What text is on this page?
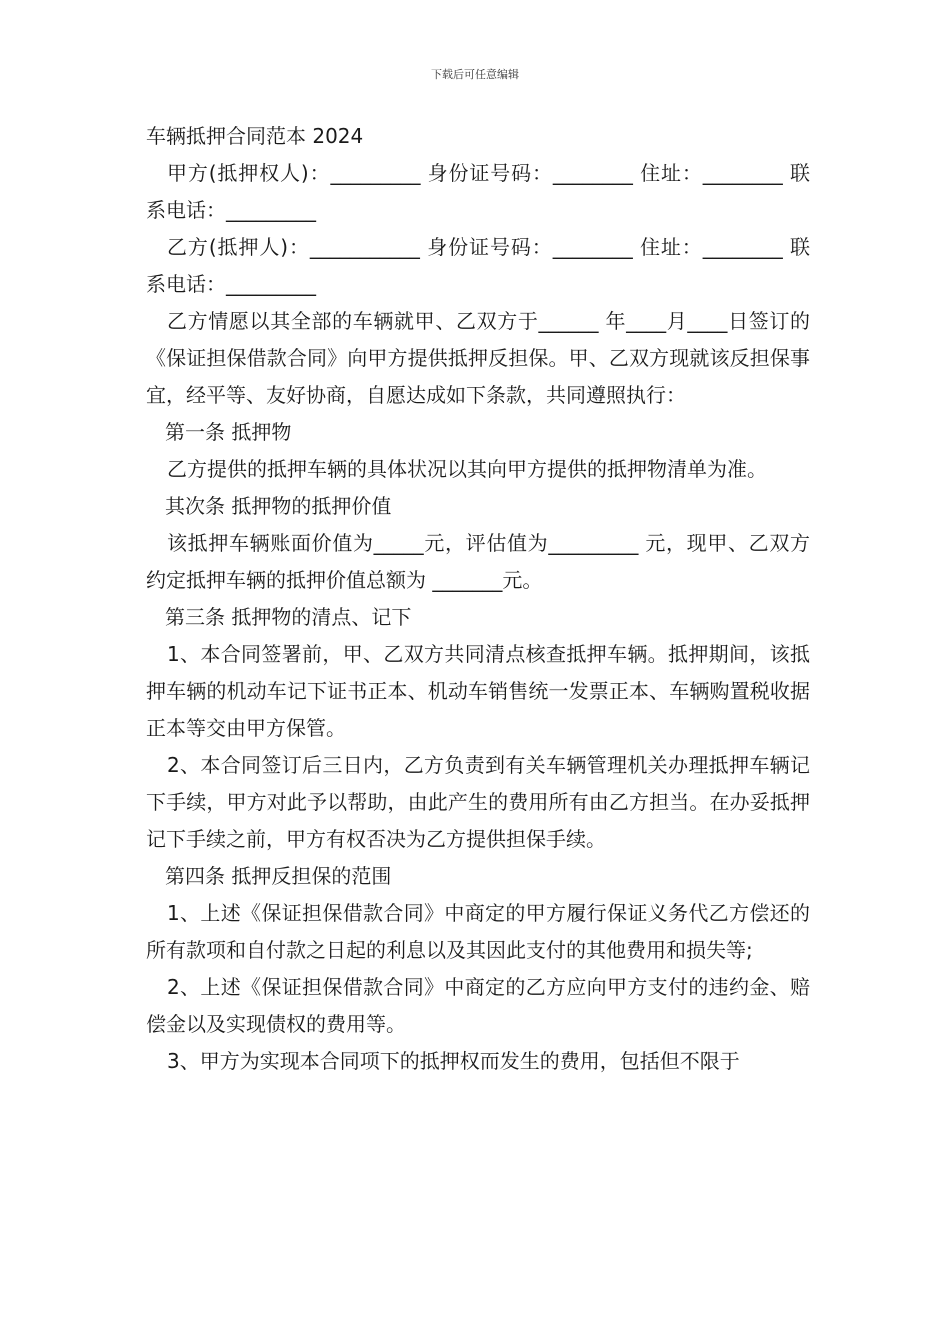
下载后可任意编辑

车辆抵押合同范本 2024

甲方(抵押权人)：_________ 身份证号码：________ 住址：________ 联系电话：_________

乙方(抵押人)：___________ 身份证号码：________ 住址：________ 联系电话：_________

乙方情愿以其全部的车辆就甲、乙双方于______ 年____月____日签订的《保证担保借款合同》向甲方提供抵押反担保。甲、乙双方现就该反担保事宜，经平等、友好协商，自愿达成如下条款，共同遵照执行：

第一条 抵押物

乙方提供的抵押车辆的具体状况以其向甲方提供的抵押物清单为准。

其次条 抵押物的抵押价值

该抵押车辆账面价值为_____元，评估值为_________ 元，现甲、乙双方约定抵押车辆的抵押价值总额为 _______元。

第三条 抵押物的清点、记下

1、本合同签署前，甲、乙双方共同清点核查抵押车辆。抵押期间，该抵押车辆的机动车记下证书正本、机动车销售统一发票正本、车辆购置税收据正本等交由甲方保管。

2、本合同签订后三日内，乙方负责到有关车辆管理机关办理抵押车辆记下手续，甲方对此予以帮助，由此产生的费用所有由乙方担当。在办妥抵押记下手续之前，甲方有权否决为乙方提供担保手续。

第四条 抵押反担保的范围

1、上述《保证担保借款合同》中商定的甲方履行保证义务代乙方偿还的所有款项和自付款之日起的利息以及其因此支付的其他费用和损失等;

2、上述《保证担保借款合同》中商定的乙方应向甲方支付的违约金、赔偿金以及实现债权的费用等。

3、甲方为实现本合同项下的抵押权而发生的费用，包括但不限于
